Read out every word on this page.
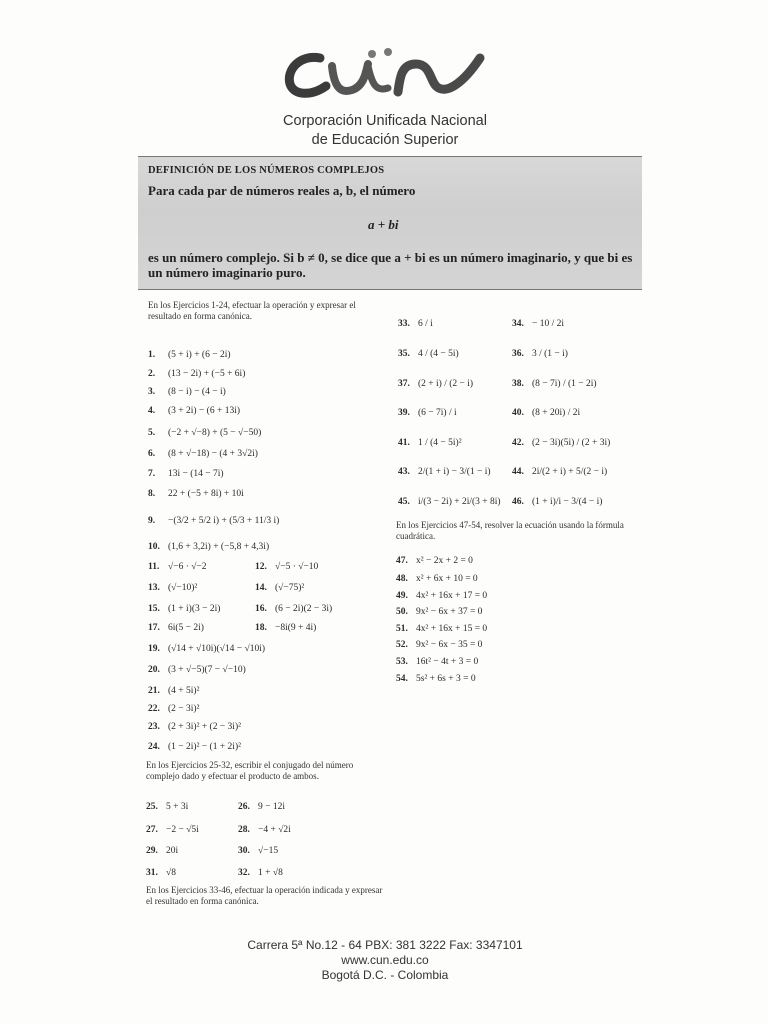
Corporación Unificada Nacional
de Educación Superior
DEFINICIÓN DE LOS NÚMEROS COMPLEJOS
Para cada par de números reales a, b, el número
a + bi
es un número complejo. Si b ≠ 0, se dice que a + bi es un número imaginario, y que bi es un número imaginario puro.
En los Ejercicios 1-24, efectuar la operación y expresar el resultado en forma canónica.
En los Ejercicios 25-32, escribir el conjugado del número complejo dado y efectuar el producto de ambos.
En los Ejercicios 33-46, efectuar la operación indicada y expresar el resultado en forma canónica.
En los Ejercicios 47-54, resolver la ecuación usando la fórmula cuadrática.
1. (5 + i) + (6 − 2i)
2. (13 − 2i) + (−5 + 6i)
3. (8 − i) − (4 − i)
4. (3 + 2i) − (6 + 13i)
5. (−2 + √−8) + (5 − √−50)
6. (8 + √−18) − (4 + 3√2i)
7. 13i − (14 − 7i)
8. 22 + (−5 + 8i) + 10i
9. −(3/2 + 5/2 i) + (5/3 + 11/3 i)
10. (1,6 + 3,2i) + (−5,8 + 4,3i)
11. √−6 · √−2	12. √−5 · √−10
13. (√−10)²	14. (√−75)²
15. (1 + i)(3 − 2i)	16. (6 − 2i)(2 − 3i)
17. 6i(5 − 2i)	18. −8i(9 + 4i)
19. (√14 + √10i)(√14 − √10i)
20. (3 + √−5)(7 − √−10)
21. (4 + 5i)²
22. (2 − 3i)²
23. (2 + 3i)² + (2 − 3i)²
24. (1 − 2i)² − (1 + 2i)²
25. 5 + 3i	26. 9 − 12i
27. −2 − √5i	28. −4 + √2i
29. 20i	30. √−15
31. √8	32. 1 + √8
33. 6 / i	34. − 10 / 2i
35. 4 / (4 − 5i)	36. 3 / (1 − i)
37. (2 + i) / (2 − i)	38. (8 − 7i) / (1 − 2i)
39. (6 − 7i) / i	40. (8 + 20i) / 2i
41. 1 / (4 − 5i)²	42. (2 − 3i)(5i) / (2 + 3i)
43. 2/(1 + i) − 3/(1 − i) 44. 2i/(2 + i) + 5/(2 − i)
45. i/(3 − 2i) + 2i/(3 + 8i) 46. (1 + i)/i − 3/(4 − i)
47. x² − 2x + 2 = 0
48. x² + 6x + 10 = 0
49. 4x² + 16x + 17 = 0
50. 9x² − 6x + 37 = 0
51. 4x² + 16x + 15 = 0
52. 9x² − 6x − 35 = 0
53. 16t² − 4t + 3 = 0
54. 5s² + 6s + 3 = 0
Carrera 5ª No.12 - 64 PBX: 381 3222 Fax: 3347101
www.cun.edu.co
Bogotá D.C. - Colombia
